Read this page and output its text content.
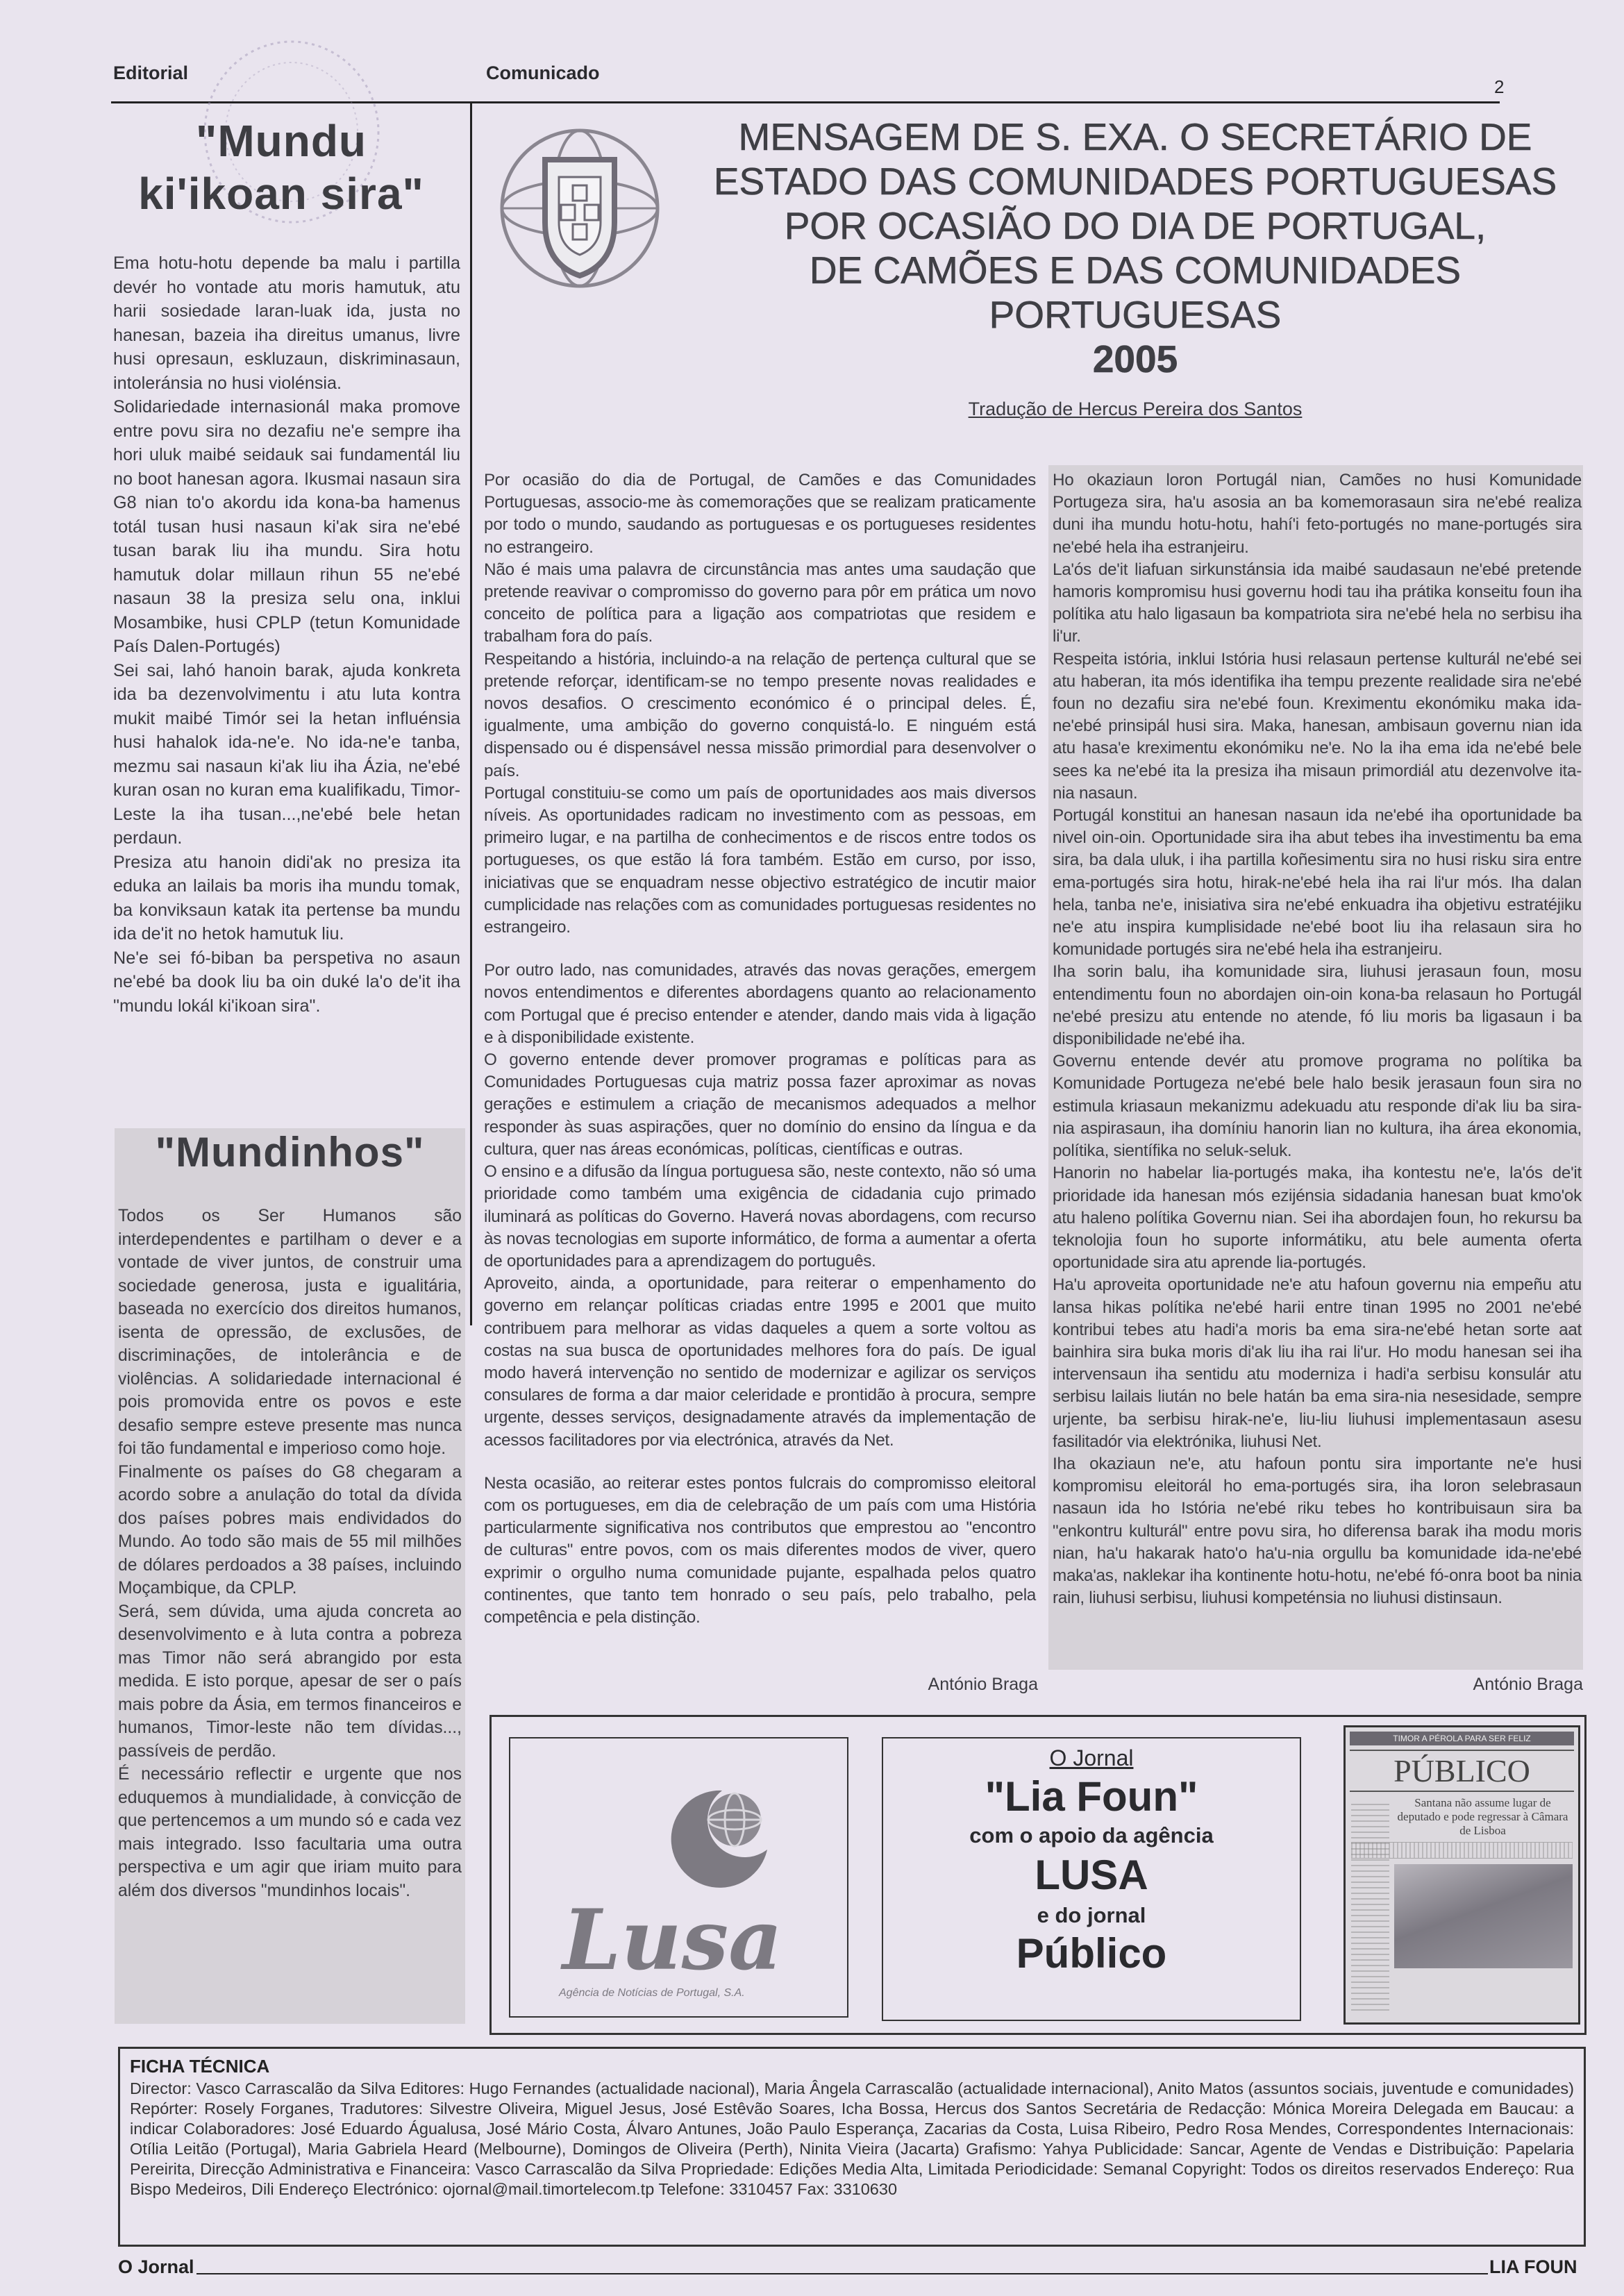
Editorial	Comunicado
2
"Mundu
ki'ikoan sira"

Ema hotu-hotu depende ba malu i partilla devér ho vontade atu moris hamutuk, atu harii sosiedade laran-luak ida, justa no hanesan, bazeia iha direitus umanus, livre husi opresaun, eskluzaun, diskriminasaun, intoleránsia no husi violénsia.

Solidariedade internasionál maka promove entre povu sira no dezafiu ne'e sempre iha hori uluk maibé seidauk sai fundamentál liu no boot hanesan agora. Ikusmai nasaun sira G8 nian to'o akordu ida kona-ba hamenus totál tusan husi nasaun ki'ak sira ne'ebé tusan barak liu iha mundu. Sira hotu hamutuk dolar millaun rihun 55 ne'ebé nasaun 38 la presiza selu ona, inklui Mosambike, husi CPLP (tetun Komunidade País Dalen-Portugés)

Sei sai, lahó hanoin barak, ajuda konkreta ida ba dezenvolvimentu i atu luta kontra mukit maibé Timór sei la hetan influénsia husi hahalok ida-ne'e. No ida-ne'e tanba, mezmu sai nasaun ki'ak liu iha Ázia, ne'ebé kuran osan no kuran ema kualifikadu, Timor-Leste la iha tusan...,ne'ebé bele hetan perdaun.

Presiza atu hanoin didi'ak no presiza ita eduka an lailais ba moris iha mundu tomak, ba konviksaun katak ita pertense ba mundu ida de'it no hetok hamutuk liu.

Ne'e sei fó-biban ba perspetiva no asaun ne'ebé ba dook liu ba oin duké la'o de'it iha "mundu lokál ki'ikoan sira".

"Mundinhos"

Todos os Ser Humanos são interdependentes e partilham o dever e a vontade de viver juntos, de construir uma sociedade generosa, justa e igualitária, baseada no exercício dos direitos humanos, isenta de opressão, de exclusões, de discriminações, de intolerância e de violências. A solidariedade internacional é pois promovida entre os povos e este desafio sempre esteve presente mas nunca foi tão fundamental e imperioso como hoje.

Finalmente os países do G8 chegaram a acordo sobre a anulação do total da dívida dos países pobres mais endividados do Mundo. Ao todo são mais de 55 mil milhões de dólares perdoados a 38 países, incluindo Moçambique, da CPLP.

Será, sem dúvida, uma ajuda concreta ao desenvolvimento e à luta contra a pobreza mas Timor não será abrangido por esta medida. E isto porque, apesar de ser o país mais pobre da Ásia, em termos financeiros e humanos, Timor-leste não tem dívidas..., passíveis de perdão.

É necessário reflectir e urgente que nos eduquemos à mundialidade, à convicção de que pertencemos a um mundo só e cada vez mais integrado. Isso facultaria uma outra perspectiva e um agir que iriam muito para além dos diversos "mundinhos locais".

MENSAGEM DE S. EXA. O SECRETÁRIO DE
ESTADO DAS COMUNIDADES PORTUGUESAS
POR OCASIÃO DO DIA DE PORTUGAL,
DE CAMÕES E DAS COMUNIDADES
PORTUGUESAS
2005
Tradução de Hercus Pereira dos Santos

Por ocasião do dia de Portugal, de Camões e das Comunidades Portuguesas, associo-me às comemorações que se realizam praticamente por todo o mundo, saudando as portuguesas e os portugueses residentes no estrangeiro.

Não é mais uma palavra de circunstância mas antes uma saudação que pretende reavivar o compromisso do governo para pôr em prática um novo conceito de política para a ligação aos compatriotas que residem e trabalham fora do país.

Respeitando a história, incluindo-a na relação de pertença cultural que se pretende reforçar, identificam-se no tempo presente novas realidades e novos desafios. O crescimento económico é o principal deles. É, igualmente, uma ambição do governo conquistá-lo. E ninguém está dispensado ou é dispensável nessa missão primordial para desenvolver o país.

Portugal constituiu-se como um país de oportunidades aos mais diversos níveis. As oportunidades radicam no investimento com as pessoas, em primeiro lugar, e na partilha de conhecimentos e de riscos entre todos os portugueses, os que estão lá fora também. Estão em curso, por isso, iniciativas que se enquadram nesse objectivo estratégico de incutir maior cumplicidade nas relações com as comunidades portuguesas residentes no estrangeiro.

Por outro lado, nas comunidades, através das novas gerações, emergem novos entendimentos e diferentes abordagens quanto ao relacionamento com Portugal que é preciso entender e atender, dando mais vida à ligação e à disponibilidade existente.

O governo entende dever promover programas e políticas para as Comunidades Portuguesas cuja matriz possa fazer aproximar as novas gerações e estimulem a criação de mecanismos adequados a melhor responder às suas aspirações, quer no domínio do ensino da língua e da cultura, quer nas áreas económicas, políticas, científicas e outras.

O ensino e a difusão da língua portuguesa são, neste contexto, não só uma prioridade como também uma exigência de cidadania cujo primado iluminará as políticas do Governo. Haverá novas abordagens, com recurso às novas tecnologias em suporte informático, de forma a aumentar a oferta de oportunidades para a aprendizagem do português.

Aproveito, ainda, a oportunidade, para reiterar o empenhamento do governo em relançar políticas criadas entre 1995 e 2001 que muito contribuem para melhorar as vidas daqueles a quem a sorte voltou as costas na sua busca de oportunidades melhores fora do país. De igual modo haverá intervenção no sentido de modernizar e agilizar os serviços consulares de forma a dar maior celeridade e prontidão à procura, sempre urgente, desses serviços, designadamente através da implementação de acessos facilitadores por via electrónica, através da Net.

Nesta ocasião, ao reiterar estes pontos fulcrais do compromisso eleitoral com os portugueses, em dia de celebração de um país com uma História particularmente significativa nos contributos que emprestou ao "encontro de culturas" entre povos, com os mais diferentes modos de viver, quero exprimir o orgulho numa comunidade pujante, espalhada pelos quatro continentes, que tanto tem honrado o seu país, pelo trabalho, pela competência e pela distinção.

António Braga

Ho okaziaun loron Portugál nian, Camões no husi Komunidade Portugeza sira, ha'u asosia an ba komemorasaun sira ne'ebé realiza duni iha mundu hotu-hotu, hahí'i feto-portugés no mane-portugés sira ne'ebé hela iha estranjeiru.

La'ós de'it liafuan sirkunstánsia ida maibé saudasaun ne'ebé pretende hamoris kompromisu husi governu hodi tau iha prátika konseitu foun iha polítika atu halo ligasaun ba kompatriota sira ne'ebé hela no serbisu iha li'ur.

Respeita istória, inklui Istória husi relasaun pertense kulturál ne'ebé sei atu haberan, ita mós identifika iha tempu prezente realidade sira ne'ebé foun no dezafiu sira ne'ebé foun. Kreximentu ekonómiku maka ida-ne'ebé prinsipál husi sira. Maka, hanesan, ambisaun governu nian ida atu hasa'e kreximentu ekonómiku ne'e. No la iha ema ida ne'ebé bele sees ka ne'ebé ita la presiza iha misaun primordiál atu dezenvolve ita-nia nasaun.

Portugál konstitui an hanesan nasaun ida ne'ebé iha oportunidade ba nivel oin-oin. Oportunidade sira iha abut tebes iha investimentu ba ema sira, ba dala uluk, i iha partilla koñesimentu sira no husi risku sira entre ema-portugés sira hotu, hirak-ne'ebé hela iha rai li'ur mós. Iha dalan hela, tanba ne'e, inisiativa sira ne'ebé enkuadra iha objetivu estratéjiku ne'e atu inspira kumplisidade ne'ebé boot liu iha relasaun sira ho komunidade portugés sira ne'ebé hela iha estranjeiru.

Iha sorin balu, iha komunidade sira, liuhusi jerasaun foun, mosu entendimentu foun no abordajen oin-oin kona-ba relasaun ho Portugál ne'ebé presizu atu entende no atende, fó liu moris ba ligasaun i ba disponibilidade ne'ebé iha.

Governu entende devér atu promove programa no polítika ba Komunidade Portugeza ne'ebé bele halo besik jerasaun foun sira no estimula kriasaun mekanizmu adekuadu atu responde di'ak liu ba sira-nia aspirasaun, iha domíniu hanorin lian no kultura, iha área ekonomia, polítika, sientífika no seluk-seluk.

Hanorin no habelar lia-portugés maka, iha kontestu ne'e, la'ós de'it prioridade ida hanesan mós ezijénsia sidadania hanesan buat kmo'ok atu haleno polítika Governu nian. Sei iha abordajen foun, ho rekursu ba teknolojia foun ho suporte informátiku, atu bele aumenta oferta oportunidade sira atu aprende lia-portugés.

Ha'u aproveita oportunidade ne'e atu hafoun governu nia empeñu atu lansa hikas polítika ne'ebé harii entre tinan 1995 no 2001 ne'ebé kontribui tebes atu hadi'a moris ba ema sira-ne'ebé hetan sorte aat bainhira sira buka moris di'ak liu iha rai li'ur. Ho modu hanesan sei iha intervensaun iha sentidu atu moderniza i hadi'a serbisu konsulár atu serbisu lailais liután no bele hatán ba ema sira-nia nesesidade, sempre urjente, ba serbisu hirak-ne'e, liu-liu liuhusi implementasaun asesu fasilitadór via elektrónika, liuhusi Net.

Iha okaziaun ne'e, atu hafoun pontu sira importante ne'e husi kompromisu eleitorál ho ema-portugés sira, iha loron selebrasaun nasaun ida ho Istória ne'ebé riku tebes ho kontribuisaun sira ba "enkontru kulturál" entre povu sira, ho diferensa barak iha modu moris nian, ha'u hakarak hato'o ha'u-nia orgullu ba komunidade ida-ne'ebé maka'as, naklekar iha kontinente hotu-hotu, ne'ebé fó-onra boot ba ninia rain, liuhusi serbisu, liuhusi kompeténsia no liuhusi distinsaun.

António Braga
Lusa
Agência de Notícias de Portugal, S.A.
O Jornal
"Lia Foun"
com o apoio da agência
LUSA
e do jornal
Público
TIMOR A PÉROLA PARA SER FELIZ
PÚBLICO
Santana não assume lugar de deputado e pode regressar à Câmara de Lisboa
FICHA TÉCNICA
Director: Vasco Carrascalão da Silva Editores: Hugo Fernandes (actualidade nacional), Maria Ângela Carrascalão (actualidade internacional), Anito Matos (assuntos sociais, juventude e comunidades) Repórter: Rosely Forganes, Tradutores: Silvestre Oliveira, Miguel Jesus, José Estêvão Soares, Icha Bossa, Hercus dos Santos Secretária de Redacção: Mónica Moreira Delegada em Baucau: a indicar Colaboradores: José Eduardo Águalusa, José Mário Costa, Álvaro Antunes, João Paulo Esperança, Zacarias da Costa, Luisa Ribeiro, Pedro Rosa Mendes, Correspondentes Internacionais: Otília Leitão (Portugal), Maria Gabriela Heard (Melbourne), Domingos de Oliveira (Perth), Ninita Vieira (Jacarta) Grafismo: Yahya Publicidade: Sancar, Agente de Vendas e Distribuição: Papelaria Pereirita, Direcção Administrativa e Financeira: Vasco Carrascalão da Silva Propriedade: Edições Media Alta, Limitada Periodicidade: Semanal Copyright: Todos os direitos reservados Endereço: Rua Bispo Medeiros, Dili Endereço Electrónico: ojornal@mail.timortelecom.tp Telefone: 3310457 Fax: 3310630
O Jornal	LIA FOUN
